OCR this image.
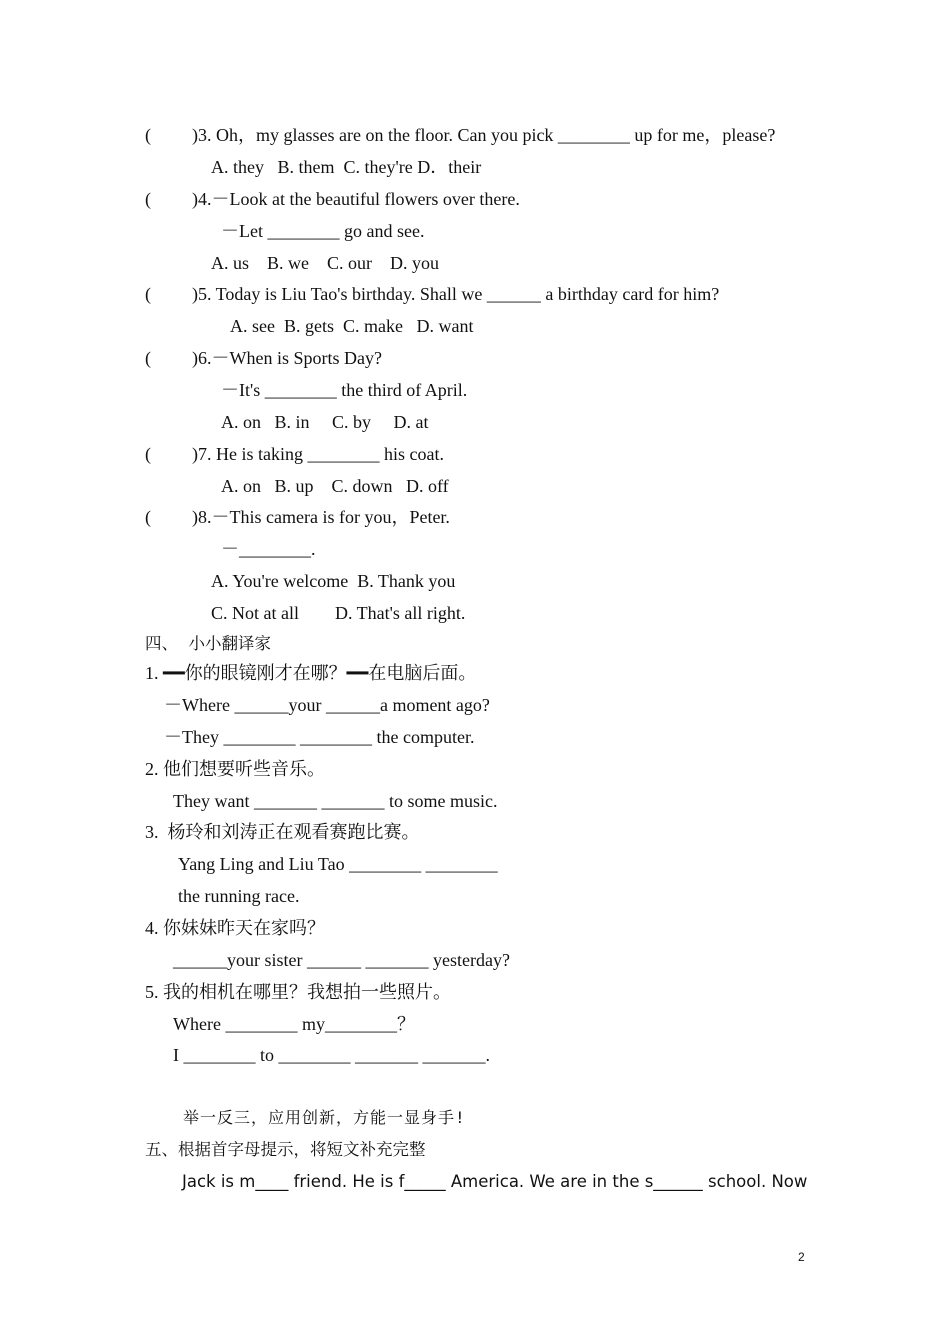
( )3. Oh，my glasses are on the floor. Can you pick ________ up for me，please?
A. they   B. them  C. they're D．their
( )4.－Look at the beautiful flowers over there.
－Let ________ go and see.
A. us    B. we    C. our    D. you
( )5. Today is Liu Tao's birthday. Shall we ______ a birthday card for him?
A. see  B. gets  C. make   D. want
( )6.－When is Sports Day?
－It's ________ the third of April.
A. on   B. in     C. by     D. at
( )7. He is taking ________ his coat.
A. on   B. up    C. down   D. off
( )8.－This camera is for you，Peter.
－________.
A. You're welcome  B. Thank you
C. Not at all        D. That's all right.
四、  小小翻译家
1. ━━你的眼镜刚才在哪？━━在电脑后面。
－Where ______your ______a moment ago?
－They ________ ________ the computer.
2. 他们想要听些音乐。
They want _______ _______ to some music.
3.  杨玲和刘涛正在观看赛跑比赛。
Yang Ling and Liu Tao ________ ________
the running race.
4. 你妹妹昨天在家吗？
______your sister ______ _______ yesterday?
5. 我的相机在哪里？我想拍一些照片。
Where ________ my________？
I ________ to ________ _______ _______.
举一反三，应用创新，方能一显身手!
五、根据首字母提示，将短文补充完整
Jack is m____ friend. He is f_____ America. We are in the s______ school. Now
2
